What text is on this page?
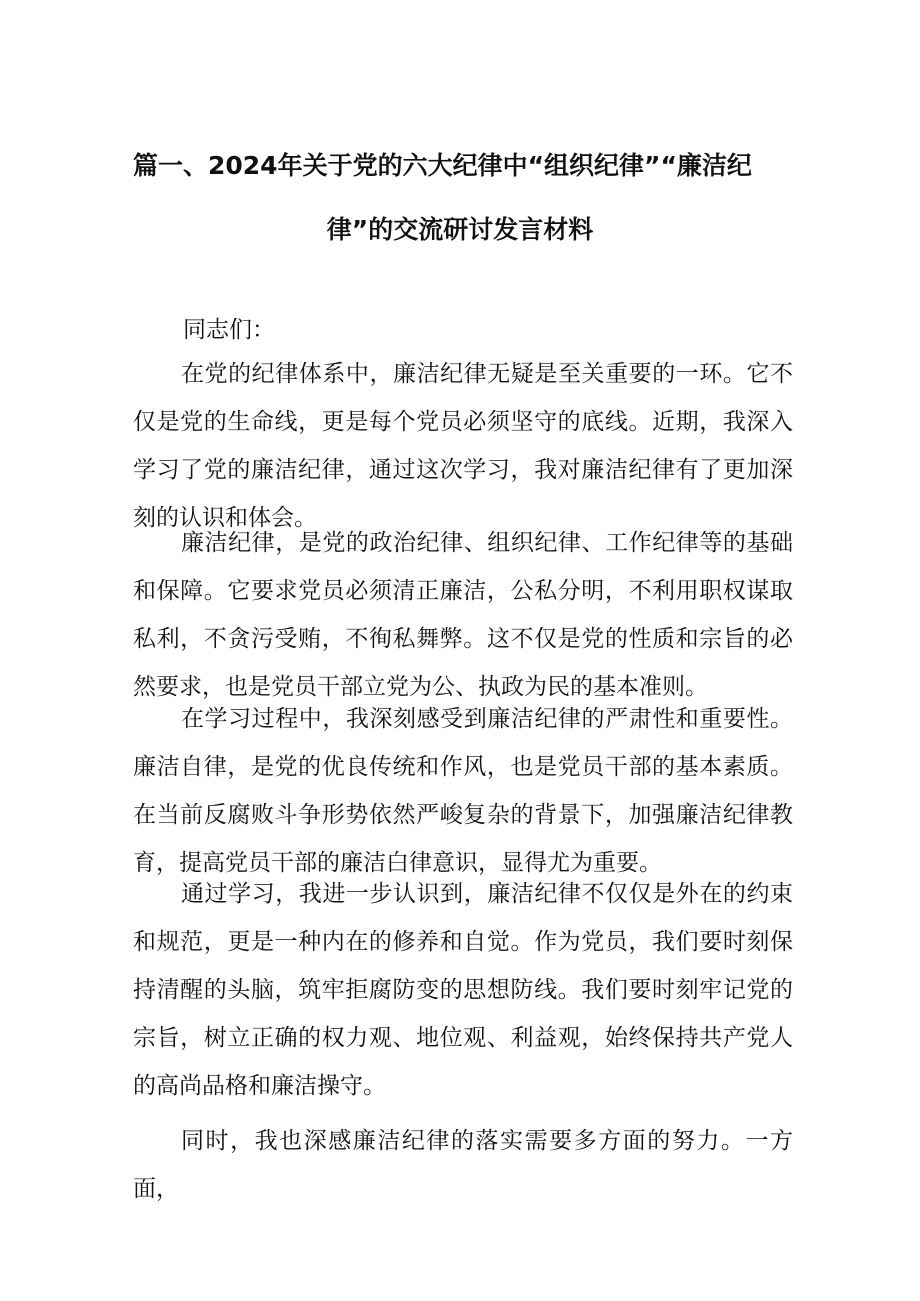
篇一、2024年关于党的六大纪律中“组织纪律”“廉洁纪
律”的交流研讨发言材料
同志们：

在党的纪律体系中，廉洁纪律无疑是至关重要的一环。它不仅是党的生命线，更是每个党员必须坚守的底线。近期，我深入学习了党的廉洁纪律，通过这次学习，我对廉洁纪律有了更加深刻的认识和体会。

廉洁纪律，是党的政治纪律、组织纪律、工作纪律等的基础和保障。它要求党员必须清正廉洁，公私分明，不利用职权谋取私利，不贪污受贿，不徇私舞弊。这不仅是党的性质和宗旨的必然要求，也是党员干部立党为公、执政为民的基本准则。

在学习过程中，我深刻感受到廉洁纪律的严肃性和重要性。廉洁自律，是党的优良传统和作风，也是党员干部的基本素质。在当前反腐败斗争形势依然严峻复杂的背景下，加强廉洁纪律教育，提高党员干部的廉洁白律意识，显得尤为重要。

通过学习，我进一步认识到，廉洁纪律不仅仅是外在的约束和规范，更是一种内在的修养和自觉。作为党员，我们要时刻保持清醒的头脑，筑牢拒腐防变的思想防线。我们要时刻牢记党的宗旨，树立正确的权力观、地位观、利益观，始终保持共产党人的高尚品格和廉洁操守。

同时，我也深感廉洁纪律的落实需要多方面的努力。一方面，
